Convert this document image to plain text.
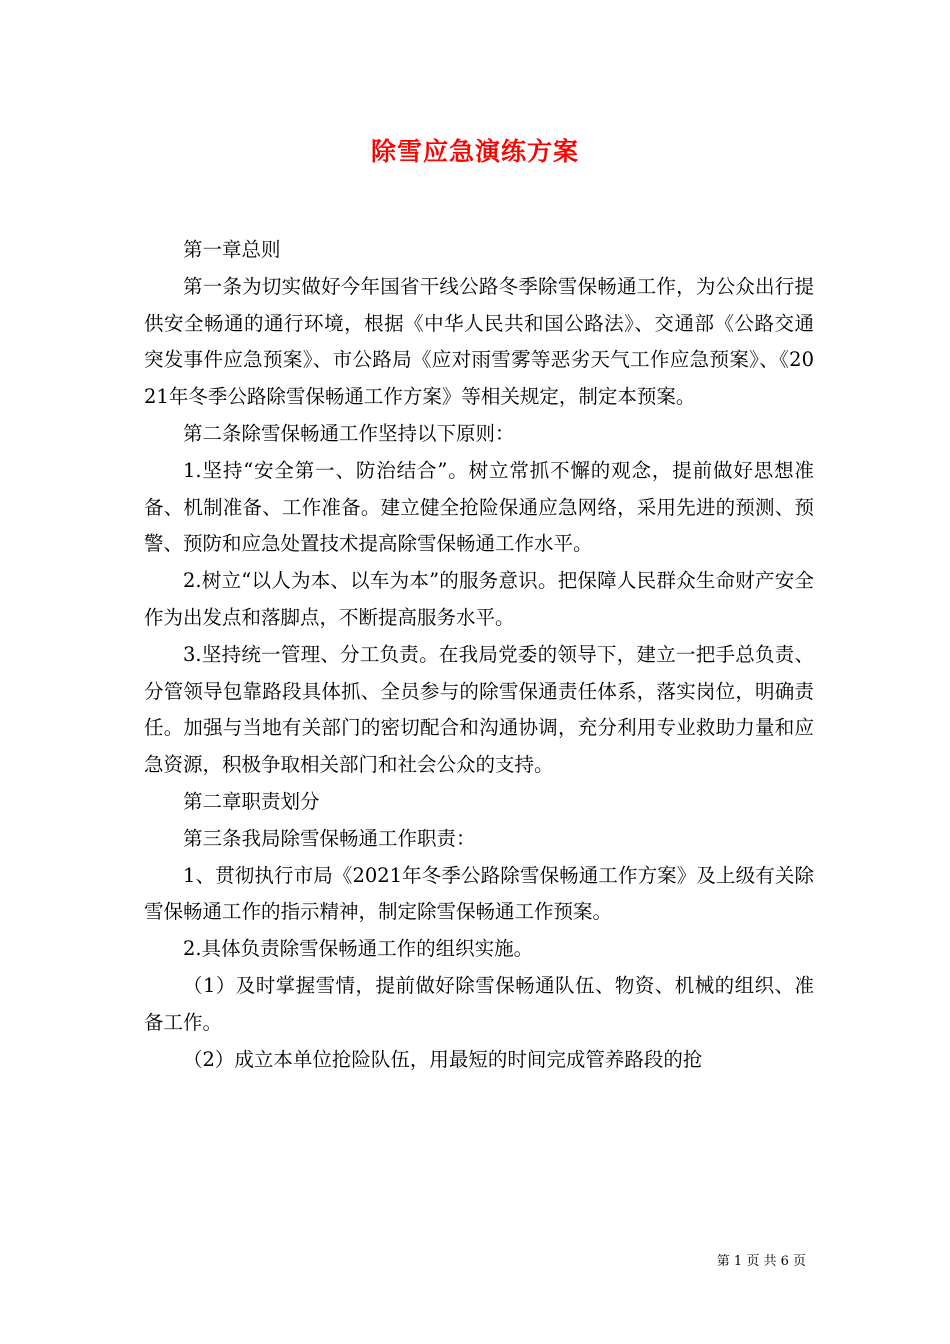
除雪应急演练方案

第一章总则

第一条为切实做好今年国省干线公路冬季除雪保畅通工作，为公众出行提供安全畅通的通行环境，根据《中华人民共和国公路法》、交通部《公路交通突发事件应急预案》、市公路局《应对雨雪雾等恶劣天气工作应急预案》、《2021年冬季公路除雪保畅通工作方案》等相关规定，制定本预案。

第二条除雪保畅通工作坚持以下原则：

1.坚持“安全第一、防治结合”。树立常抓不懈的观念，提前做好思想准备、机制准备、工作准备。建立健全抢险保通应急网络，采用先进的预测、预警、预防和应急处置技术提高除雪保畅通工作水平。

2.树立“以人为本、以车为本”的服务意识。把保障人民群众生命财产安全作为出发点和落脚点，不断提高服务水平。

3.坚持统一管理、分工负责。在我局党委的领导下，建立一把手总负责、分管领导包靠路段具体抓、全员参与的除雪保通责任体系，落实岗位，明确责任。加强与当地有关部门的密切配合和沟通协调，充分利用专业救助力量和应急资源，积极争取相关部门和社会公众的支持。

第二章职责划分

第三条我局除雪保畅通工作职责：

1、贯彻执行市局《2021年冬季公路除雪保畅通工作方案》及上级有关除雪保畅通工作的指示精神，制定除雪保畅通工作预案。

2.具体负责除雪保畅通工作的组织实施。

（1）及时掌握雪情，提前做好除雪保畅通队伍、物资、机械的组织、准备工作。

（2）成立本单位抢险队伍，用最短的时间完成管养路段的抢

第 1 页 共 6 页
